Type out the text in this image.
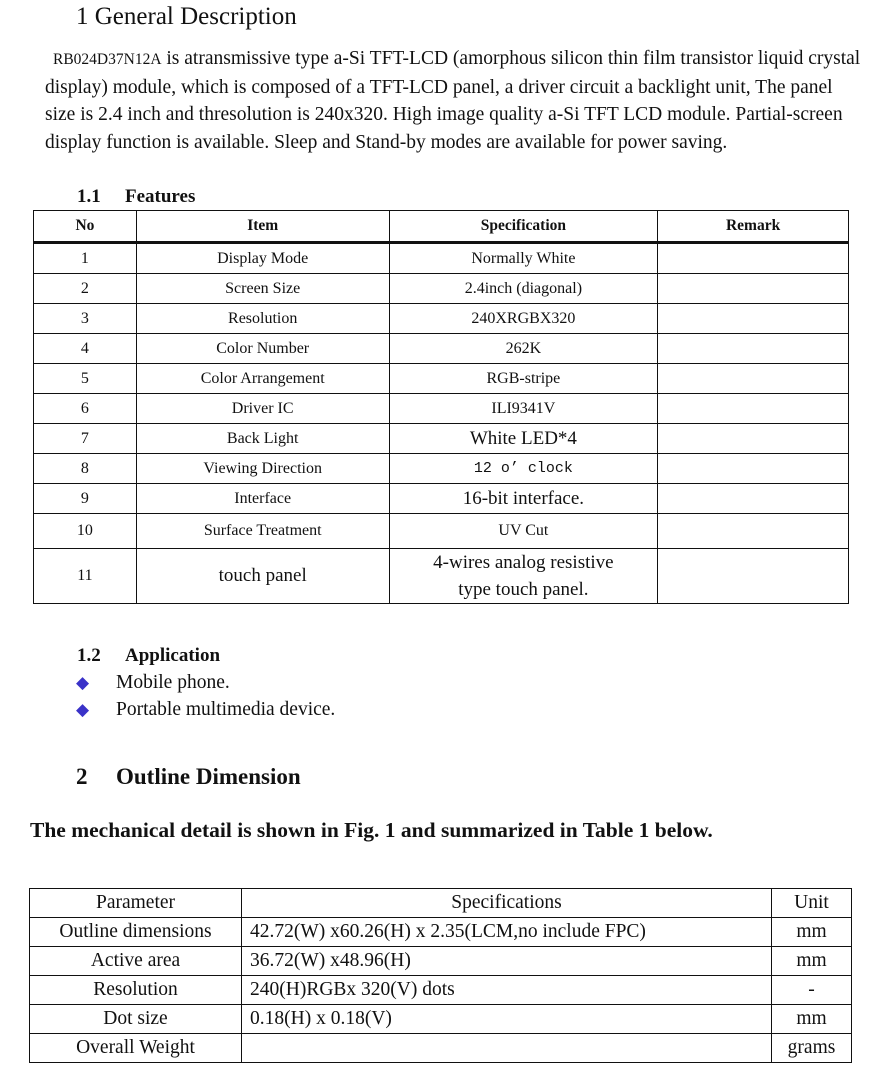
1 General Description
RB024D37N12A is atransmissive type a-Si TFT-LCD (amorphous silicon thin film transistor liquid crystal display) module, which is composed of a TFT-LCD panel, a driver circuit a backlight unit, The panel size is 2.4 inch and thresolution is 240x320. High image quality a-Si TFT LCD module. Partial-screen display function is available. Sleep and Stand-by modes are available for power saving.
1.1 Features
No	Item	Specification	Remark
1	Display Mode	Normally White	
2	Screen Size	2.4inch (diagonal)	
3	Resolution	240XRGBX320	
4	Color Number	262K	
5	Color Arrangement	RGB-stripe	
6	Driver IC	ILI9341V	
7	Back Light	White LED*4	
8	Viewing Direction	12 o’ clock	
9	Interface	16-bit interface.	
10	Surface Treatment	UV Cut	
11	touch panel	4-wires analog resistive
type touch panel.	

1.2 Application
◆ Mobile phone.
◆ Portable multimedia device.
2 Outline Dimension
The mechanical detail is shown in Fig. 1 and summarized in Table 1 below.
Parameter	Specifications	Unit
Outline dimensions	42.72(W) x60.26(H) x 2.35(LCM,no include FPC)	mm
Active area	36.72(W) x48.96(H)	mm
Resolution	240(H)RGBx 320(V) dots	-
Dot size	0.18(H) x 0.18(V)	mm
Overall Weight		grams
